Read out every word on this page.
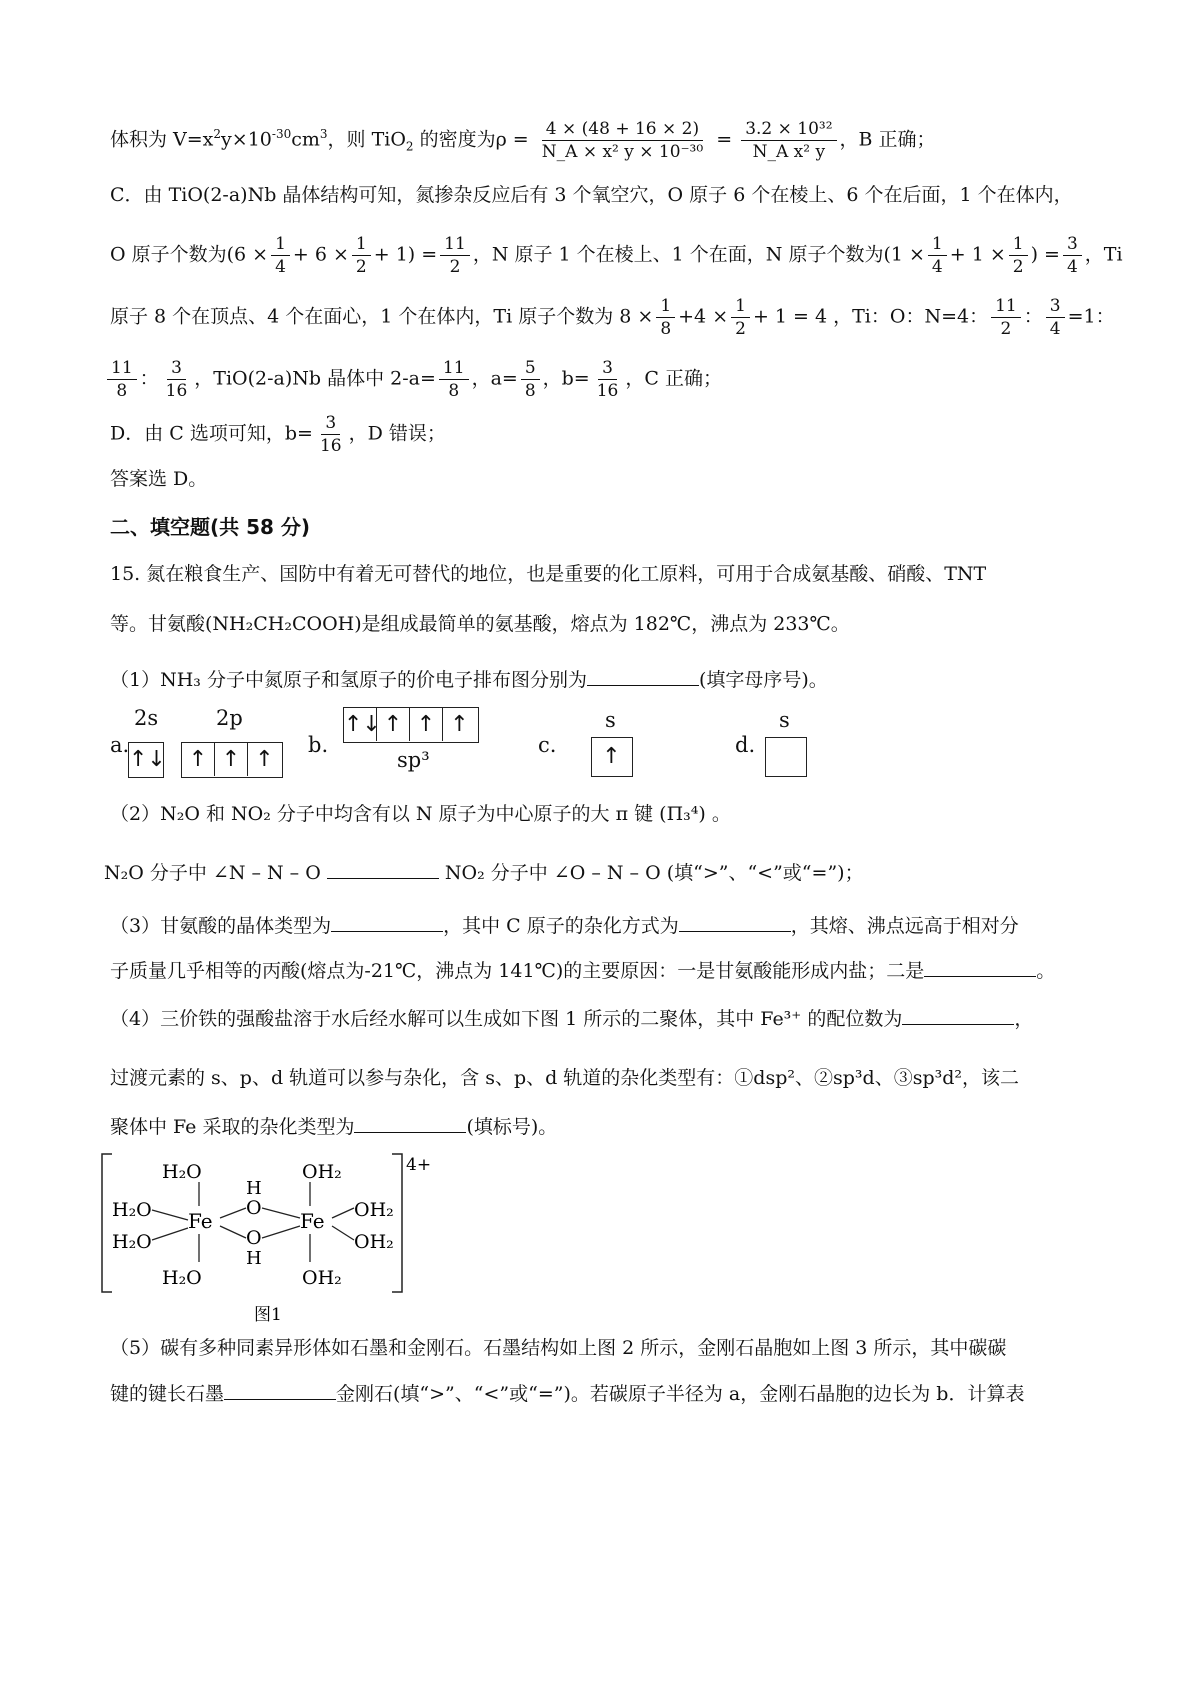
体积为 $V=x^2y\times 10^{-30}cm^3$，则 TiO$_2$ 的密度为$\rho = \frac{4 \times (48 + 16 \times 2)}{\text{N\_A × x² y × 10⁻³⁰}} = \frac{\text{3.2 × 10³²}}{\text{N\_A x² y}}$ ，B 正确；
C．由 TiO(2-a)Nb 晶体结构可知，氮掺杂反应后有 3 个氧空穴，O 原子 6 个在棱上、6 个在后面，1 个在体内，
O 原子个数为$(6 \times \frac{1}{4} + 6 \times \frac{1}{2} + 1) = \frac{11}{2}$ ，N 原子 1 个在棱上、1 个在面，N 原子个数为($1 \times \frac{1}{4} + 1 \times \frac{1}{2}$ ) = $\frac{3}{4}$ ，Ti
原子 8 个在顶点、4 个在面心，1 个在体内，Ti 原子个数为 $8 \times \frac{1}{8} +4 \times \frac{1}{2} + 1 = 4$ ，Ti：O：N=4： $\frac{11}{2}$ ： $\frac{3}{4} =1$：
$\frac{11}{8}$ ： $\frac{3}{16}$ ，TiO(2-a)Nb 晶体中 $2-a= \frac{11}{8}$ ，$a= \frac{5}{8}$ ，$b= \frac{3}{16}$ ，C 正确；
D．由 C 选项可知，$b= \frac{3}{16}$ ，D 错误；
答案选 D。
二、填空题(共 58 分)
15. 氮在粮食生产、国防中有着无可替代的地位，也是重要的化工原料，可用于合成氨基酸、硝酸、TNT
等。甘氨酸(NH₂CH₂COOH)是组成最简单的氨基酸，熔点为 182℃，沸点为 233℃。
（1）NH₃ 分子中氮原子和氢原子的价电子排布图分别为	(填字母序号)。
a.
2s	2p
↑↓	↑ ↑ ↑
b.
↑↓ ↑ ↑ ↑
sp³
c.
s
↑	d.
s
（2）N₂O 和 NO₂ 分子中均含有以 N 原子为中心原子的大 π 键 (Π₃⁴) 。
N₂O 分子中 ∠N – N – O	NO₂ 分子中 ∠O – N – O (填“>”、“<”或“=”)；
（3）甘氨酸的晶体类型为	，其中 C 原子的杂化方式为	，其熔、沸点远高于相对分
子质量几乎相等的丙酸(熔点为-21℃，沸点为 141℃)的主要原因：一是甘氨酸能形成内盐；二是	。
（4）三价铁的强酸盐溶于水后经水解可以生成如下图 1 所示的二聚体，其中 Fe³⁺ 的配位数为	，
过渡元素的 s、p、d 轨道可以参与杂化，含 s、p、d 轨道的杂化类型有：①dsp²、②sp³d、③sp³d²，该二
聚体中 Fe 采取的杂化类型为	(填标号)。
4+
H₂O
H₂O
H₂O
H₂O
Fe
H
O
O
H
Fe
OH₂
OH₂
OH₂
OH₂
图1
（5）碳有多种同素异形体如石墨和金刚石。石墨结构如上图 2 所示，金刚石晶胞如上图 3 所示，其中碳碳
键的键长石墨	金刚石(填“>”、“<”或“=”)。若碳原子半径为 a，金刚石晶胞的边长为 b．计算表
